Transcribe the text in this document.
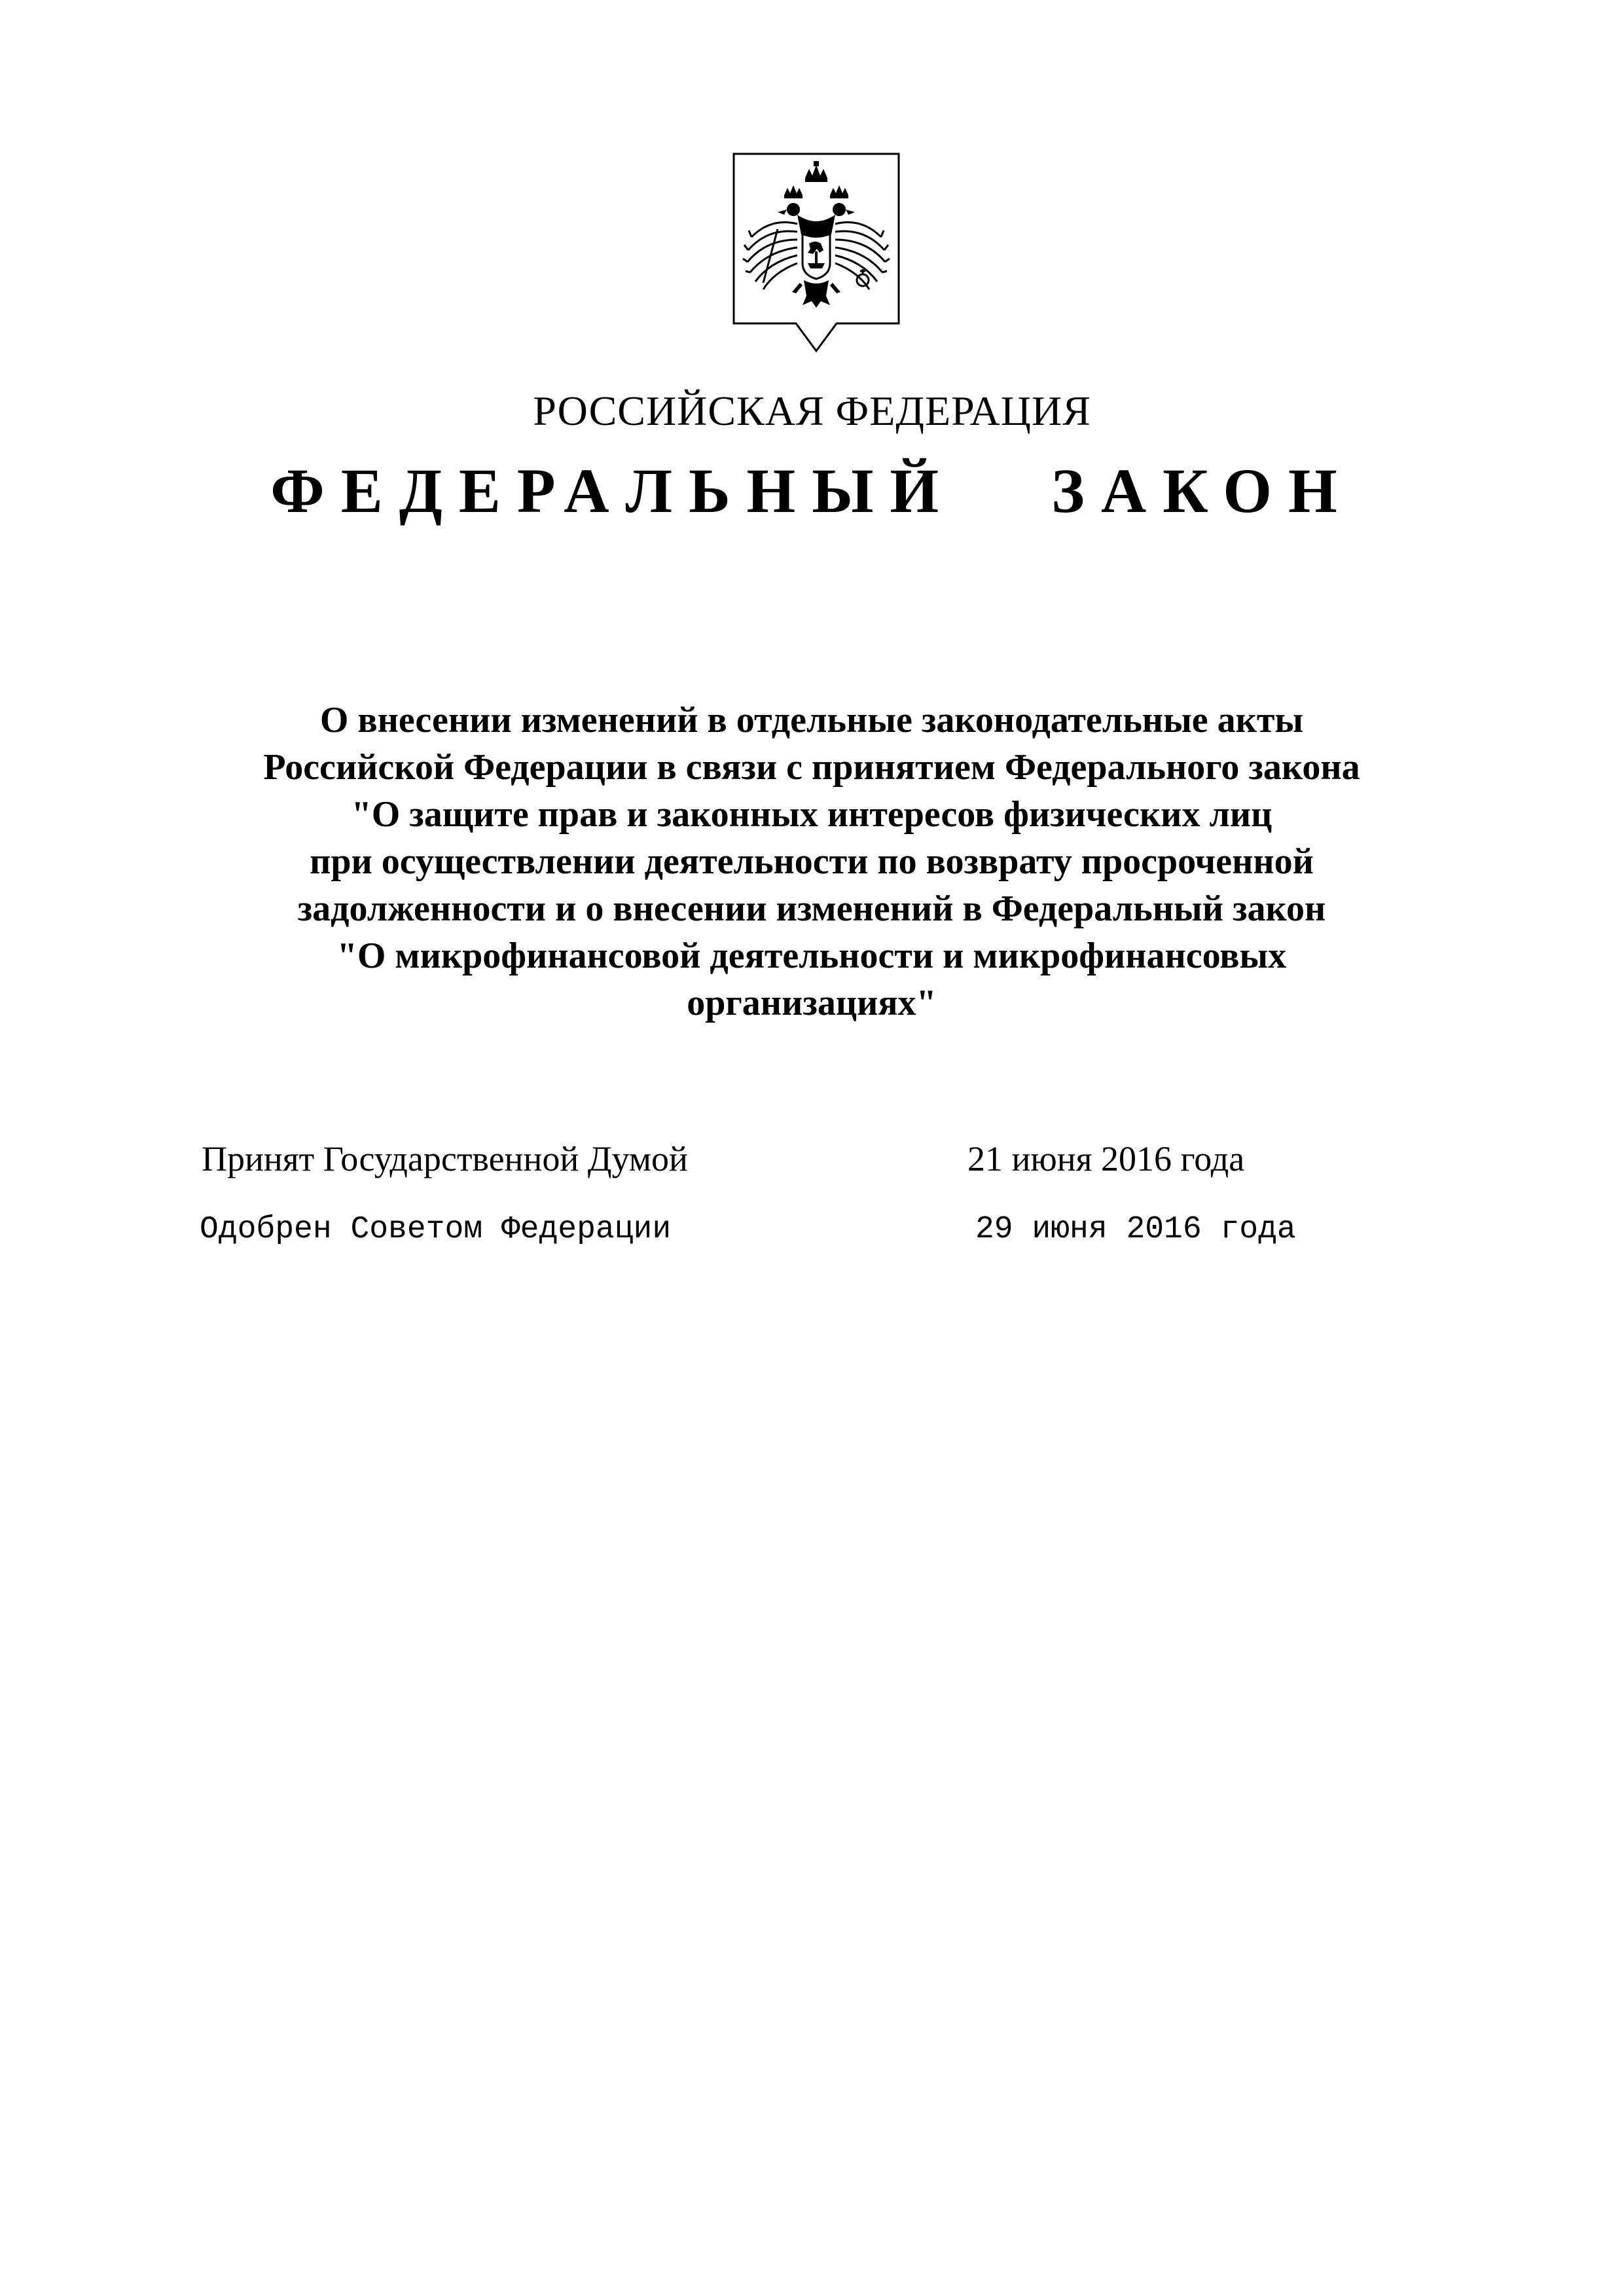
РОССИЙСКАЯ ФЕДЕРАЦИЯ
ФЕДЕРАЛЬНЫЙ   ЗАКОН
О внесении изменений в отдельные законодательные акты
Российской Федерации в связи с принятием Федерального закона
"О защите прав и законных интересов физических лиц
при осуществлении деятельности по возврату просроченной
задолженности и о внесении изменений в Федеральный закон
"О микрофинансовой деятельности и микрофинансовых
организациях"
Принят Государственной Думой	21 июня 2016 года
Одобрен Советом Федерации	29 июня 2016 года
